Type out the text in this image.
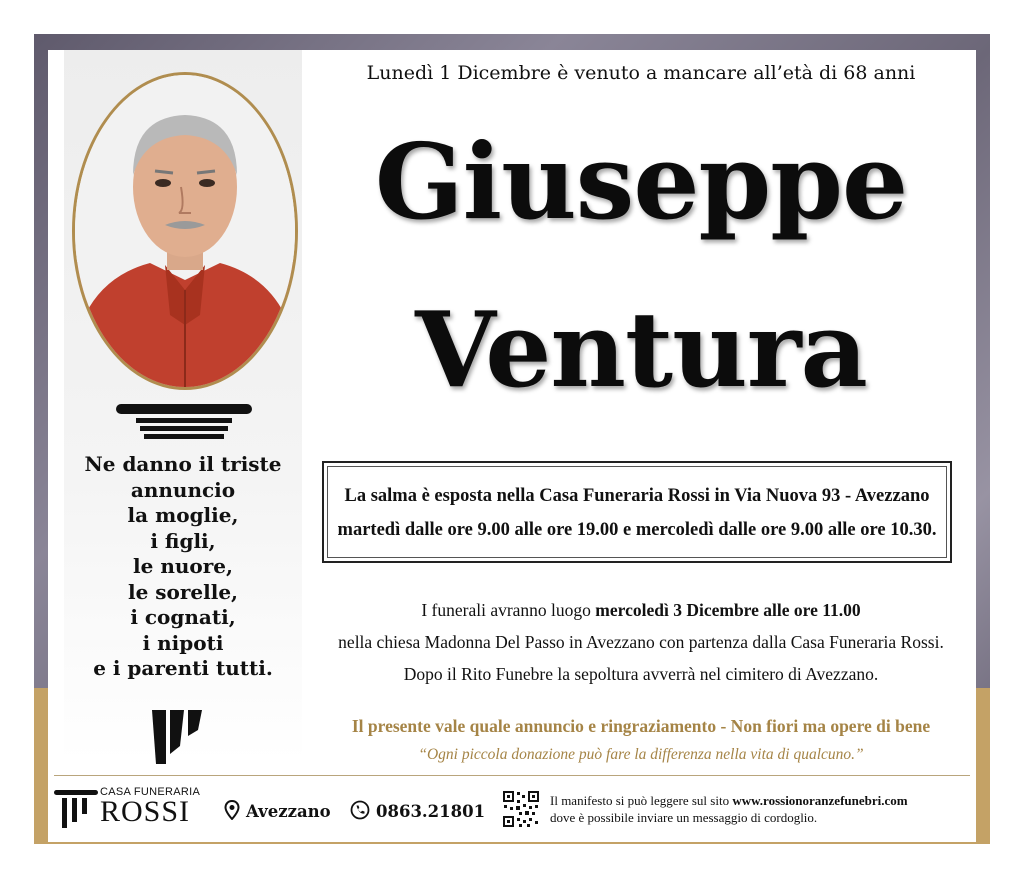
Ne danno il triste
annuncio
la moglie,
i figli,
le nuore,
le sorelle,
i cognati,
i nipoti
e i parenti tutti.
Lunedì 1 Dicembre è venuto a mancare all’età di 68 anni
Giuseppe
Ventura
La salma è esposta nella Casa Funeraria Rossi in Via Nuova 93 - Avezzano
martedì dalle ore 9.00 alle ore 19.00 e mercoledì dalle ore 9.00 alle ore 10.30.
I funerali avranno luogo mercoledì 3 Dicembre alle ore 11.00
nella chiesa Madonna Del Passo in Avezzano con partenza dalla Casa Funeraria Rossi.
Dopo il Rito Funebre la sepoltura avverrà nel cimitero di Avezzano.
Il presente vale quale annuncio e ringraziamento - Non fiori ma opere di bene
“Ogni piccola donazione può fare la differenza nella vita di qualcuno.”
CASA FUNERARIA
ROSSI	Avezzano	0863.21801
Il manifesto si può leggere sul sito www.rossionoranzefunebri.com
dove è possibile inviare un messaggio di cordoglio.
